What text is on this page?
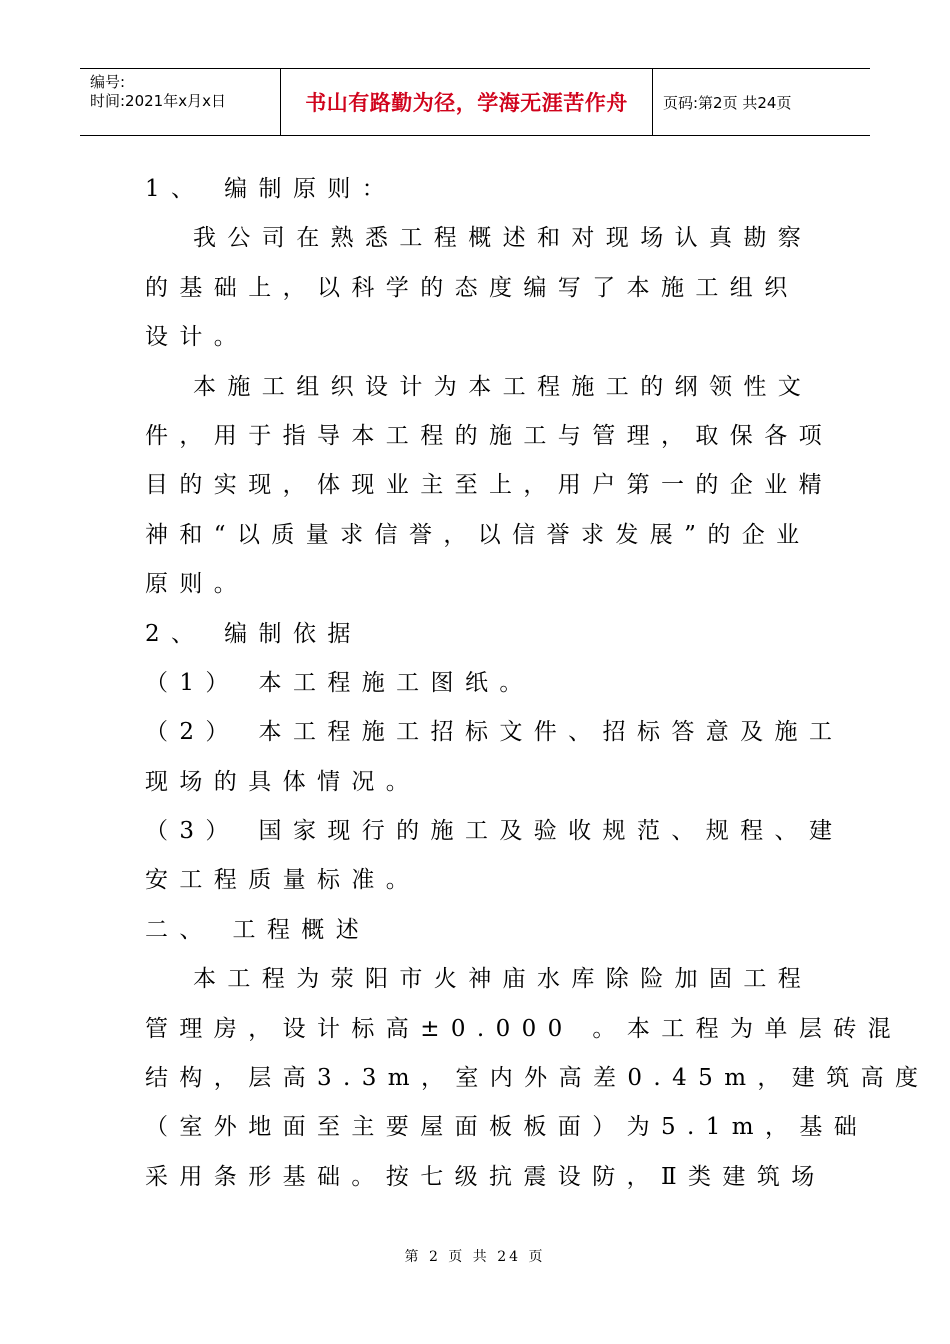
编号:
时间:2021年x月x日	书山有路勤为径，学海无涯苦作舟 页码:第2页 共24页
1、 编制原则：
我公司在熟悉工程概述和对现场认真勘察
的基础上，以科学的态度编写了本施工组织
设计。
本施工组织设计为本工程施工的纲领性文
件，用于指导本工程的施工与管理，取保各项
目的实现，体现业主至上，用户第一的企业精
神和“以质量求信誉，以信誉求发展”的企业
原则。
2、 编制依据
（1） 本工程施工图纸。
（2） 本工程施工招标文件、招标答意及施工
现场的具体情况。
（3） 国家现行的施工及验收规范、规程、建
安工程质量标准。
二、 工程概述
本工程为荥阳市火神庙水库除险加固工程
管理房，设计标高±0.000 。本工程为单层砖混
结构，层高3.3m，室内外高差0.45m，建筑高度
（室外地面至主要屋面板板面）为5.1m，基础
采用条形基础。按七级抗震设防，Ⅱ类建筑场
第 2 页 共 24 页
